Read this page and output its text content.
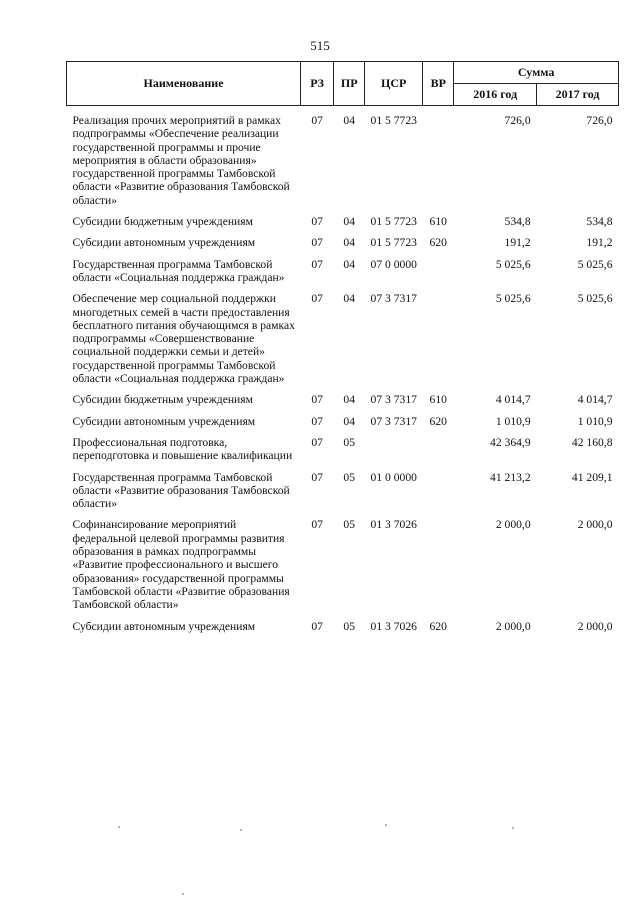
515
Наименование	РЗ	ПР	ЦСР	ВР	Сумма	
					2016 год	2017 год
Реализация прочих мероприятий в рамках подпрограммы «Обеспечение реализации государственной программы и прочие мероприятия в области образования» государственной программы Тамбовской области «Развитие образования Тамбовской области»	07	04	01 5 7723		726,0	726,0
Субсидии бюджетным учреждениям	07	04	01 5 7723	610	534,8	534,8
Субсидии автономным учреждениям	07	04	01 5 7723	620	191,2	191,2
Государственная программа Тамбовской области «Социальная поддержка граждан»	07	04	07 0 0000		5 025,6	5 025,6
Обеспечение мер социальной поддержки многодетных семей в части предоставления бесплатного питания обучающимся в рамках подпрограммы «Совершенствование социальной поддержки семьи и детей» государственной программы Тамбовской области «Социальная поддержка граждан»	07	04	07 3 7317		5 025,6	5 025,6
Субсидии бюджетным учреждениям	07	04	07 3 7317	610	4 014,7	4 014,7
Субсидии автономным учреждениям	07	04	07 3 7317	620	1 010,9	1 010,9
Профессиональная подготовка, переподготовка и повышение квалификации	07	05			42 364,9	42 160,8
Государственная программа Тамбовской области «Развитие образования Тамбовской области»	07	05	01 0 0000		41 213,2	41 209,1
Софинансирование мероприятий федеральной целевой программы развития образования в рамках подпрограммы «Развитие профессионального и высшего образования» государственной программы Тамбовской области «Развитие образования Тамбовской области»	07	05	01 3 7026		2 000,0	2 000,0
Субсидии автономным учреждениям	07	05	01 3 7026	620	2 000,0	2 000,0
